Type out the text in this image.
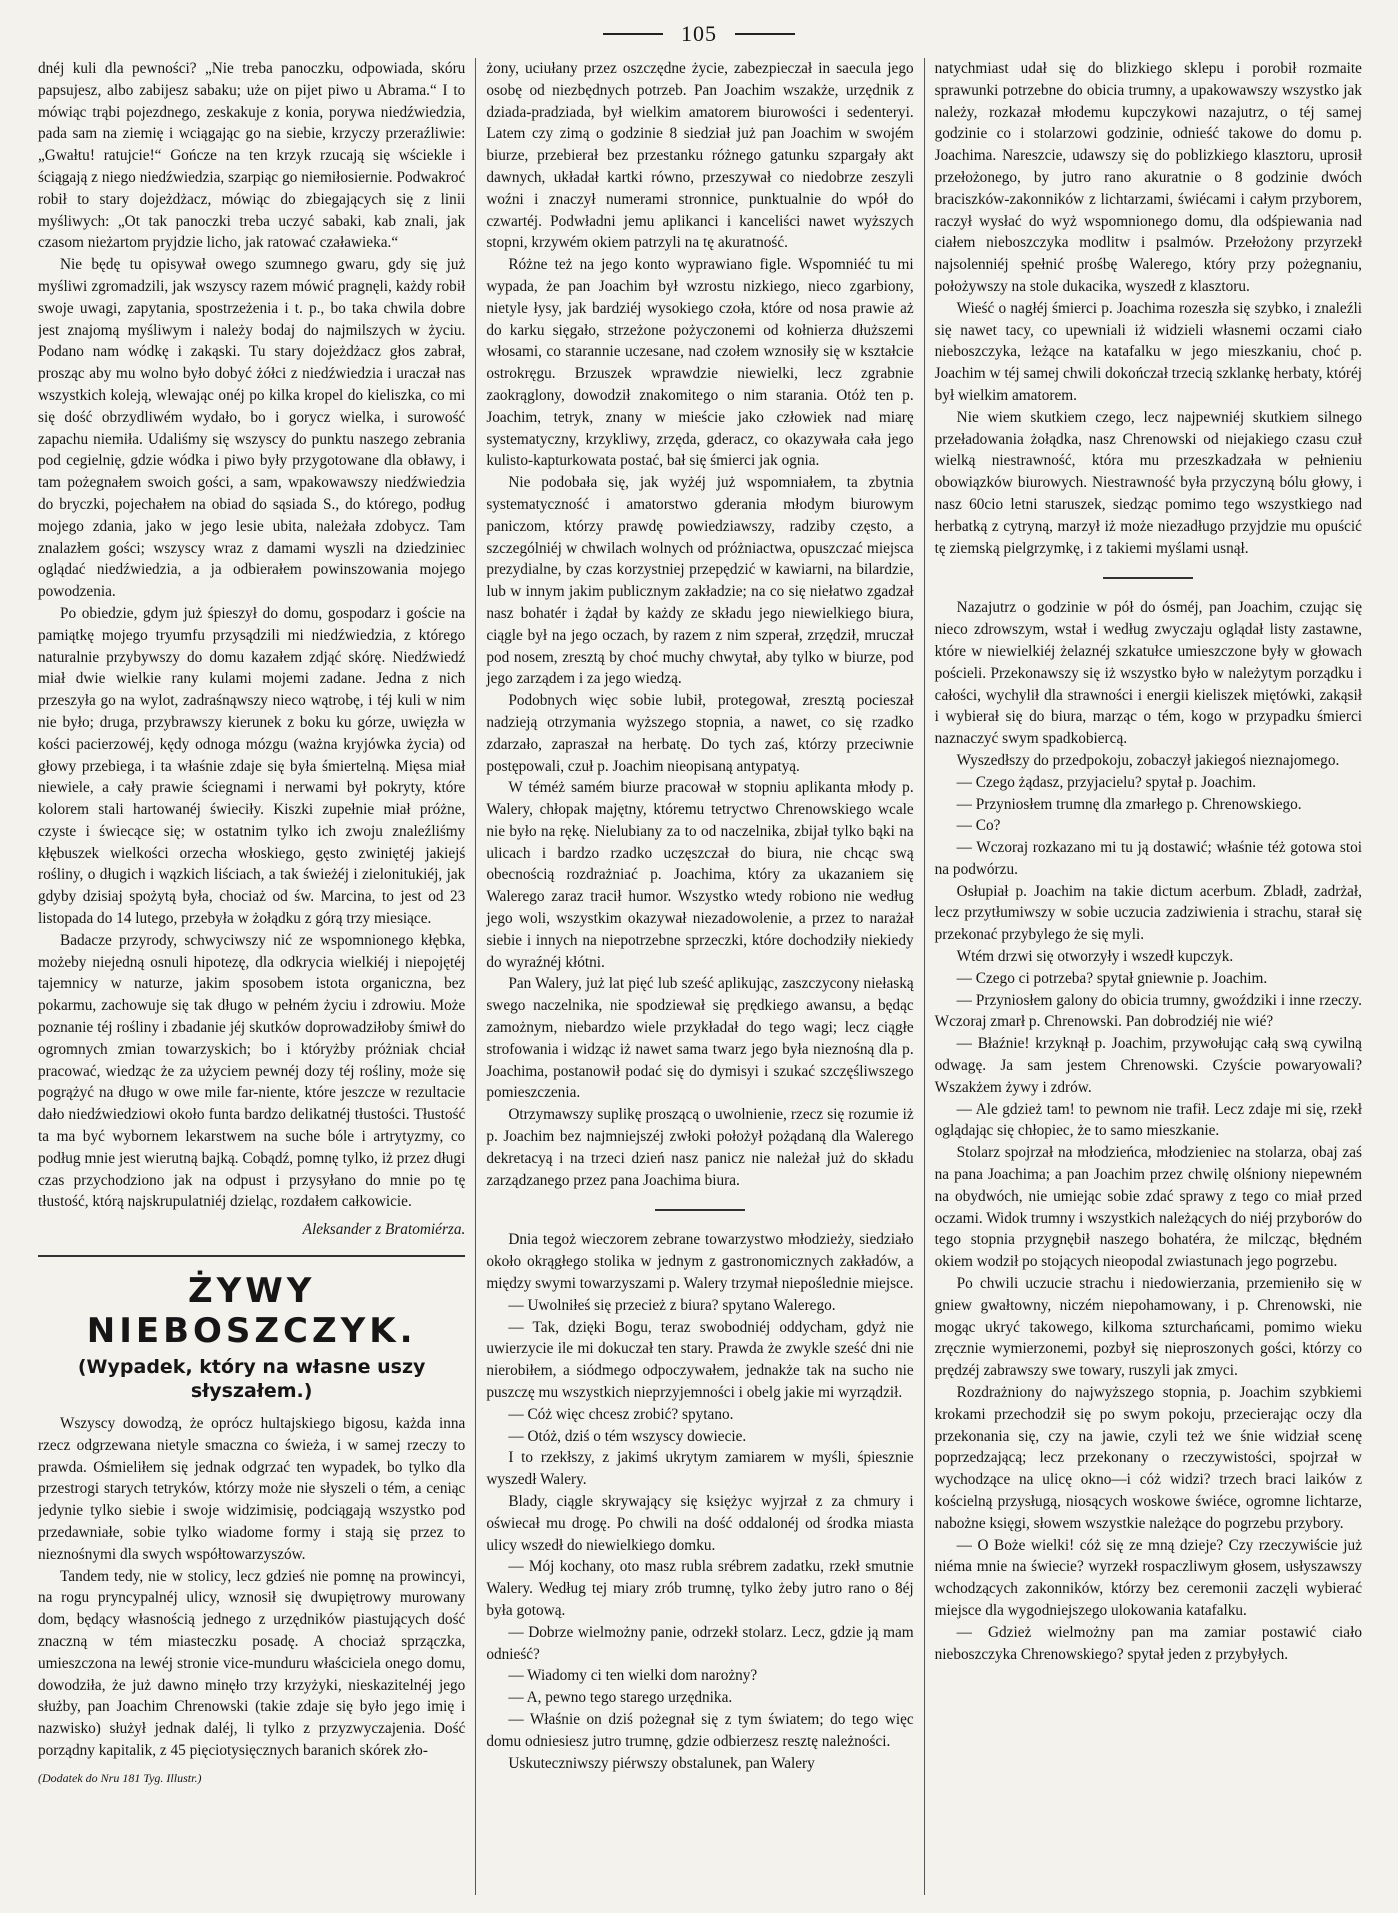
105

dnéj kuli dla pewności? „Nie treba panoczku, odpowiada, skóru papsujesz, albo zabijesz sabaku; uże on pijet piwo u Abrama.“ I to mówiąc trąbi pojezdnego, zeskakuje z konia, porywa niedźwiedzia, pada sam na ziemię i wciągając go na siebie, krzyczy przeraźliwie: „Gwałtu! ratujcie!“ Gończe na ten krzyk rzucają się wściekle i ściągają z niego niedźwiedzia, szarpiąc go niemiłosiernie. Podwakroć robił to stary dojeżdżacz, mówiąc do zbiegających się z linii myśliwych: „Ot tak panoczki treba uczyć sabaki, kab znali, jak czasom nieżartom pryjdzie licho, jak ratować czaławieka.“

Nie będę tu opisywał owego szumnego gwaru, gdy się już myśliwi zgromadzili, jak wszyscy razem mówić pragnęli, każdy robił swoje uwagi, zapytania, spostrzeżenia i t. p., bo taka chwila dobre jest znajomą myśliwym i należy bodaj do najmilszych w życiu. Podano nam wódkę i zakąski. Tu stary dojeżdżacz głos zabrał, prosząc aby mu wolno było dobyć żółci z niedźwiedzia i uraczał nas wszystkich koleją, wlewając onéj po kilka kropel do kieliszka, co mi się dość obrzydliwém wydało, bo i gorycz wielka, i surowość zapachu niemiła. Udaliśmy się wszyscy do punktu naszego zebrania pod cegielnię, gdzie wódka i piwo były przygotowane dla obławy, i tam pożegnałem swoich gości, a sam, wpakowawszy niedźwiedzia do bryczki, pojechałem na obiad do sąsiada S., do którego, podług mojego zdania, jako w jego lesie ubita, należała zdobycz. Tam znalazłem gości; wszyscy wraz z damami wyszli na dziedziniec oglądać niedźwiedzia, a ja odbierałem powinszowania mojego powodzenia.

Po obiedzie, gdym już śpieszył do domu, gospodarz i goście na pamiątkę mojego tryumfu przysądzili mi niedźwiedzia, z którego naturalnie przybywszy do domu kazałem zdjąć skórę. Niedźwiedź miał dwie wielkie rany kulami mojemi zadane. Jedna z nich przeszyła go na wylot, zadraśnąwszy nieco wątrobę, i téj kuli w nim nie było; druga, przybrawszy kierunek z boku ku górze, uwięzła w kości pacierzowéj, kędy odnoga mózgu (ważna kryjówka życia) od głowy przebiega, i ta właśnie zdaje się była śmiertelną. Mięsa miał niewiele, a cały prawie ściegnami i nerwami był pokryty, które kolorem stali hartowanéj świeciły. Kiszki zupełnie miał próżne, czyste i świecące się; w ostatnim tylko ich zwoju znaleźliśmy kłębuszek wielkości orzecha włoskiego, gęsto zwiniętéj jakiejś rośliny, o długich i wązkich liściach, a tak świeżéj i zielonitukiéj, jak gdyby dzisiaj spożytą była, chociaż od św. Marcina, to jest od 23 listopada do 14 lutego, przebyła w żołądku z górą trzy miesiące.

Badacze przyrody, schwyciwszy nić ze wspomnionego kłębka, możeby niejedną osnuli hipotezę, dla odkrycia wielkiéj i niepojętéj tajemnicy w naturze, jakim sposobem istota organiczna, bez pokarmu, zachowuje się tak długo w pełném życiu i zdrowiu. Może poznanie téj rośliny i zbadanie jéj skutków doprowadziłoby śmiwł do ogromnych zmian towarzyskich; bo i któryżby próżniak chciał pracować, wiedząc że za użyciem pewnéj dozy téj rośliny, może się pogrążyć na długo w owe mile far-niente, które jeszcze w rezultacie dało niedźwiedziowi około funta bardzo delikatnéj tłustości. Tłustość ta ma być wybornem lekarstwem na suche bóle i artrytyzmy, co podług mnie jest wierutną bajką. Cobądź, pomnę tylko, iż przez długi czas przychodziono jak na odpust i przysyłano do mnie po tę tłustość, którą najskrupulatniéj dzieląc, rozdałem całkowicie.

Aleksander z Bratomiérza.
ŻYWY NIEBOSZCZYK.
(Wypadek, który na własne uszy słyszałem.)

Wszyscy dowodzą, że oprócz hultajskiego bigosu, każda inna rzecz odgrzewana nietyle smaczna co świeża, i w samej rzeczy to prawda. Ośmieliłem się jednak odgrzać ten wypadek, bo tylko dla przestrogi starych tetryków, którzy może nie słyszeli o tém, a ceniąc jedynie tylko siebie i swoje widzimisię, podciągają wszystko pod przedawniałe, sobie tylko wiadome formy i stają się przez to nieznośnymi dla swych współtowarzyszów.

Tandem tedy, nie w stolicy, lecz gdzieś nie pomnę na prowincyi, na rogu pryncypalnéj ulicy, wznosił się dwupiętrowy murowany dom, będący własnością jednego z urzędników piastujących dość znaczną w tém miasteczku posadę. A chociaż sprzączka, umieszczona na lewéj stronie vice-munduru właściciela onego domu, dowodziła, że już dawno minęło trzy krzyżyki, nieskazitelnéj jego służby, pan Joachim Chrenowski (takie zdaje się było jego imię i nazwisko) służył jednak daléj, li tylko z przyzwyczajenia. Dość porządny kapitalik, z 45 pięciotysięcznych baranich skórek zło-

(Dodatek do Nru 181 Tyg. Illustr.)

żony, uciułany przez oszczędne życie, zabezpieczał in saecula jego osobę od niezbędnych potrzeb. Pan Joachim wszakże, urzędnik z dziada-pradziada, był wielkim amatorem biurowości i sedenteryi. Latem czy zimą o godzinie 8 siedział już pan Joachim w swojém biurze, przebierał bez przestanku różnego gatunku szpargały akt dawnych, układał kartki równo, przeszywał co niedobrze zeszyli woźni i znaczył numerami stronnice, punktualnie do wpół do czwartéj. Podwładni jemu aplikanci i kanceliści nawet wyższych stopni, krzywém okiem patrzyli na tę akuratność.

Różne też na jego konto wyprawiano figle. Wspomniéć tu mi wypada, że pan Joachim był wzrostu nizkiego, nieco zgarbiony, nietyle łysy, jak bardziéj wysokiego czoła, które od nosa prawie aż do karku sięgało, strzeżone pożyczonemi od kołnierza dłuższemi włosami, co starannie uczesane, nad czołem wznosiły się w kształcie ostrokręgu. Brzuszek wprawdzie niewielki, lecz zgrabnie zaokrąglony, dowodził znakomitego o nim starania. Otóż ten p. Joachim, tetryk, znany w mieście jako człowiek nad miarę systematyczny, krzykliwy, zrzęda, gderacz, co okazywała cała jego kulisto-kapturkowata postać, bał się śmierci jak ognia.

Nie podobała się, jak wyżéj już wspomniałem, ta zbytnia systematyczność i amatorstwo gderania młodym biurowym paniczom, którzy prawdę powiedziawszy, radziby często, a szczególniéj w chwilach wolnych od próżniactwa, opuszczać miejsca prezydialne, by czas korzystniej przepędzić w kawiarni, na bilardzie, lub w innym jakim publicznym zakładzie; na co się niełatwo zgadzał nasz bohatér i żądał by każdy ze składu jego niewielkiego biura, ciągle był na jego oczach, by razem z nim szperał, zrzędził, mruczał pod nosem, zresztą by choć muchy chwytał, aby tylko w biurze, pod jego zarządem i za jego wiedzą.

Podobnych więc sobie lubił, protegował, zresztą pocieszał nadzieją otrzymania wyższego stopnia, a nawet, co się rzadko zdarzało, zapraszał na herbatę. Do tych zaś, którzy przeciwnie postępowali, czuł p. Joachim nieopisaną antypatyą.

W téméż samém biurze pracował w stopniu aplikanta młody p. Walery, chłopak majętny, któremu tetryctwo Chrenowskiego wcale nie było na rękę. Nielubiany za to od naczelnika, zbijał tylko bąki na ulicach i bardzo rzadko uczęszczał do biura, nie chcąc swą obecnością rozdrażniać p. Joachima, który za ukazaniem się Walerego zaraz tracił humor. Wszystko wtedy robiono nie według jego woli, wszystkim okazywał niezadowolenie, a przez to narażał siebie i innych na niepotrzebne sprzeczki, które dochodziły niekiedy do wyraźnéj kłótni.

Pan Walery, już lat pięć lub sześć aplikując, zaszczycony niełaską swego naczelnika, nie spodziewał się prędkiego awansu, a będąc zamożnym, niebardzo wiele przykładał do tego wagi; lecz ciągłe strofowania i widząc iż nawet sama twarz jego była nieznośną dla p. Joachima, postanowił podać się do dymisyi i szukać szczęśliwszego pomieszczenia.

Otrzymawszy suplikę proszącą o uwolnienie, rzecz się rozumie iż p. Joachim bez najmniejszéj zwłoki położył pożądaną dla Walerego dekretacyą i na trzeci dzień nasz panicz nie należał już do składu zarządzanego przez pana Joachima biura.

Dnia tegoż wieczorem zebrane towarzystwo młodzieży, siedziało około okrągłego stolika w jednym z gastronomicznych zakładów, a między swymi towarzyszami p. Walery trzymał niepośledniе miejsce.

— Uwolniłeś się przecież z biura? spytano Walerego.

— Tak, dzięki Bogu, teraz swobodniéj oddycham, gdyż nie uwierzycie ile mi dokuczał ten stary. Prawda że zwykle sześć dni nie nierobiłem, a siódmego odpoczywałem, jednakże tak na sucho nie puszczę mu wszystkich nieprzyjemności i obelg jakie mi wyrządził.

— Cóż więc chcesz zrobić? spytano.

— Otóż, dziś o tém wszyscy dowiecie.

I to rzekłszy, z jakimś ukrytym zamiarem w myśli, śpiesznie wyszedł Walery.

Blady, ciągle skrywający się księżyc wyjrzał z za chmury i oświecał mu drogę. Po chwili na dość oddalonéj od środka miasta ulicy wszedł do niewielkiego domku.

— Mój kochany, oto masz rubla srébrem zadatku, rzekł smutnie Walery. Według tej miary zrób trumnę, tylko żeby jutro rano o 8éj była gotową.

— Dobrze wielmożny panie, odrzekł stolarz. Lecz, gdzie ją mam odnieść?

— Wiadomy ci ten wielki dom narożny?

— A, pewno tego starego urzędnika.

— Właśnie on dziś pożegnał się z tym światem; do tego więc domu odniesiesz jutro trumnę, gdzie odbierzesz resztę należności.

Uskuteczniwszy piérwszy obstalunek, pan Walery

natychmiast udał się do blizkiego sklepu i porobił rozmaite sprawunki potrzebne do obicia trumny, a upakowawszy wszystko jak należy, rozkazał młodemu kupczykowi nazajutrz, o téj samej godzinie co i stolarzowi godzinie, odnieść takowe do domu p. Joachima. Nareszcie, udawszy się do poblizkiego klasztoru, uprosił przełożonego, by jutro rano akuratnie o 8 godzinie dwóch braciszków-zakonników z lichtarzami, świécami i całym przyborem, raczył wysłać do wyż wspomnionego domu, dla odśpiewania nad ciałem nieboszczyka modlitw i psalmów. Przełożony przyrzekł najsolenniéj spełnić prośbę Walerego, który przy pożegnaniu, położywszy na stole dukacika, wyszedł z klasztoru.

Wieść o nagłéj śmierci p. Joachima rozeszła się szybko, i znaleźli się nawet tacy, co upewniali iż widzieli własnemi oczami ciało nieboszczyka, leżące na katafalku w jego mieszkaniu, choć p. Joachim w téj samej chwili dokończał trzecią szklankę herbaty, któréj był wielkim amatorem.

Nie wiem skutkiem czego, lecz najpewniéj skutkiem silnego przeładowania żołądka, nasz Chrenowski od niejakiego czasu czuł wielką niestrawność, która mu przeszkadzała w pełnieniu obowiązków biurowych. Niestrawność była przyczyną bólu głowy, i nasz 60cio letni staruszek, siedząc pomimo tego wszystkiego nad herbatką z cytryną, marzył iż może niezadługo przyjdzie mu opuścić tę ziemską pielgrzymkę, i z takiemi myślami usnął.

Nazajutrz o godzinie w pół do ósméj, pan Joachim, czując się nieco zdrowszym, wstał i według zwyczaju oglądał listy zastawne, które w niewielkiéj żelaznéj szkatułce umieszczone były w głowach pościeli. Przekonawszy się iż wszystko było w należytym porządku i całości, wychylił dla strawności i energii kieliszek miętówki, zakąsił i wybierał się do biura, marząc o tém, kogo w przypadku śmierci naznaczyć swym spadkobiercą.

Wyszedłszy do przedpokoju, zobaczył jakiegoś nieznajomego.

— Czego żądasz, przyjacielu? spytał p. Joachim.

— Przyniosłem trumnę dla zmarłego p. Chrenowskiego.

— Co?

— Wczoraj rozkazano mi tu ją dostawić; właśnie téż gotowa stoi na podwórzu.

Osłupiał p. Joachim na takie dictum acerbum. Zbladł, zadrżał, lecz przytłumiwszy w sobie uczucia zadziwienia i strachu, starał się przekonać przybylego że się myli.

Wtém drzwi się otworzyły i wszedł kupczyk.

— Czego ci potrzeba? spytał gniewnie p. Joachim.

— Przyniosłem galony do obicia trumny, gwoździki i inne rzeczy. Wczoraj zmarł p. Chrenowski. Pan dobrodziéj nie wié?

— Błaźnie! krzyknął p. Joachim, przywołując całą swą cywilną odwagę. Ja sam jestem Chrenowski. Czyście powaryowali? Wszakżem żywy i zdrów.

— Ale gdzież tam! to pewnom nie trafił. Lecz zdaje mi się, rzekł oglądając się chłopiec, że to samo mieszkanie.

Stolarz spojrzał na młodzieńca, młodzieniec na stolarza, obaj zaś na pana Joachima; a pan Joachim przez chwilę olśniony niepewném na obydwóch, nie umiejąc sobie zdać sprawy z tego co miał przed oczami. Widok trumny i wszystkich należących do niéj przyborów do tego stopnia przygnębił naszego bohatéra, że milcząc, błędném okiem wodził po stojących nieopodal zwiastunach jego pogrzebu.

Po chwili uczucie strachu i niedowierzania, przemieniło się w gniew gwałtowny, niczém niepohamowany, i p. Chrenowski, nie mogąc ukryć takowego, kilkoma szturchańcami, pomimo wieku zręcznie wymierzonemi, pozbył się nieproszonych gości, którzy co prędzéj zabrawszy swe towary, ruszyli jak zmyci.

Rozdrażniony do najwyższego stopnia, p. Joachim szybkiemi krokami przechodził się po swym pokoju, przecierając oczy dla przekonania się, czy na jawie, czyli też we śnie widział scenę poprzedzającą; lecz przekonany o rzeczywistości, spojrzał w wychodzące na ulicę okno—i cóż widzi? trzech braci laików z kościelną przysługą, niosących woskowe świéce, ogromne lichtarze, nabożne księgi, słowem wszystkie należące do pogrzebu przybory.

— O Boże wielki! cóż się ze mną dzieje? Czy rzeczywiście już niéma mnie na świecie? wyrzekł rospaczliwym głosem, usłyszawszy wchodzących zakonników, którzy bez ceremonii zaczęli wybierać miejsce dla wygodniejszego ulokowania katafalku.

— Gdzież wielmożny pan ma zamiar postawić ciało nieboszczyka Chrenowskiego? spytał jeden z przybyłych.
